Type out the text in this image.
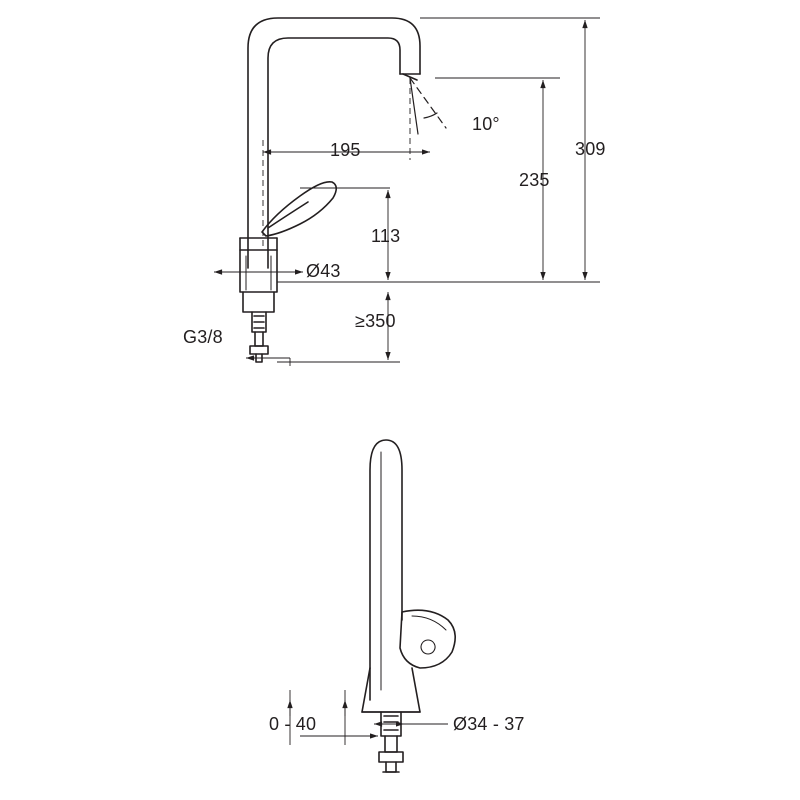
309
235
113
195
10°
Ø43
≥350
G3/8
0 - 40	Ø34 - 37
